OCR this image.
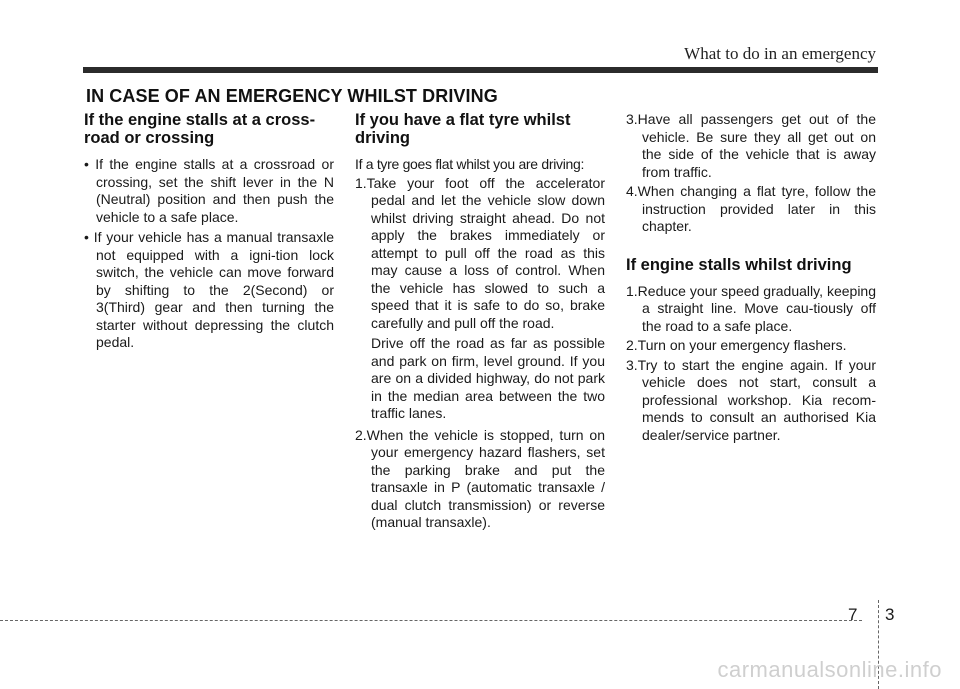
What to do in an emergency
IN CASE OF AN EMERGENCY WHILST DRIVING
If the engine stalls at a cross-road or crossing
• If the engine stalls at a crossroad or crossing, set the shift lever in the N (Neutral) position and then push the vehicle to a safe place.
• If your vehicle has a manual transaxle not equipped with a igni-tion lock switch, the vehicle can move forward by shifting to the 2(Second) or 3(Third) gear and then turning the starter without depressing the clutch pedal.
If you have a flat tyre whilst driving

If a tyre goes flat whilst you are driving:

1.Take your foot off the accelerator pedal and let the vehicle slow down whilst driving straight ahead. Do not apply the brakes immediately or attempt to pull off the road as this may cause a loss of control. When the vehicle has slowed to such a speed that it is safe to do so, brake carefully and pull off the road.

Drive off the road as far as possible and park on firm, level ground. If you are on a divided highway, do not park in the median area between the two traffic lanes.

2.When the vehicle is stopped, turn on your emergency hazard flashers, set the parking brake and put the transaxle in P (automatic transaxle / dual clutch transmission) or reverse (manual transaxle).
3.Have all passengers get out of the vehicle. Be sure they all get out on the side of the vehicle that is away from traffic.
4.When changing a flat tyre, follow the instruction provided later in this chapter.
If engine stalls whilst driving
1.Reduce your speed gradually, keeping a straight line. Move cau-tiously off the road to a safe place.
2.Turn on your emergency flashers.
3.Try to start the engine again. If your vehicle does not start, consult a professional workshop. Kia recom-mends to consult an authorised Kia dealer/service partner.
7 3
carmanualsonline.info
